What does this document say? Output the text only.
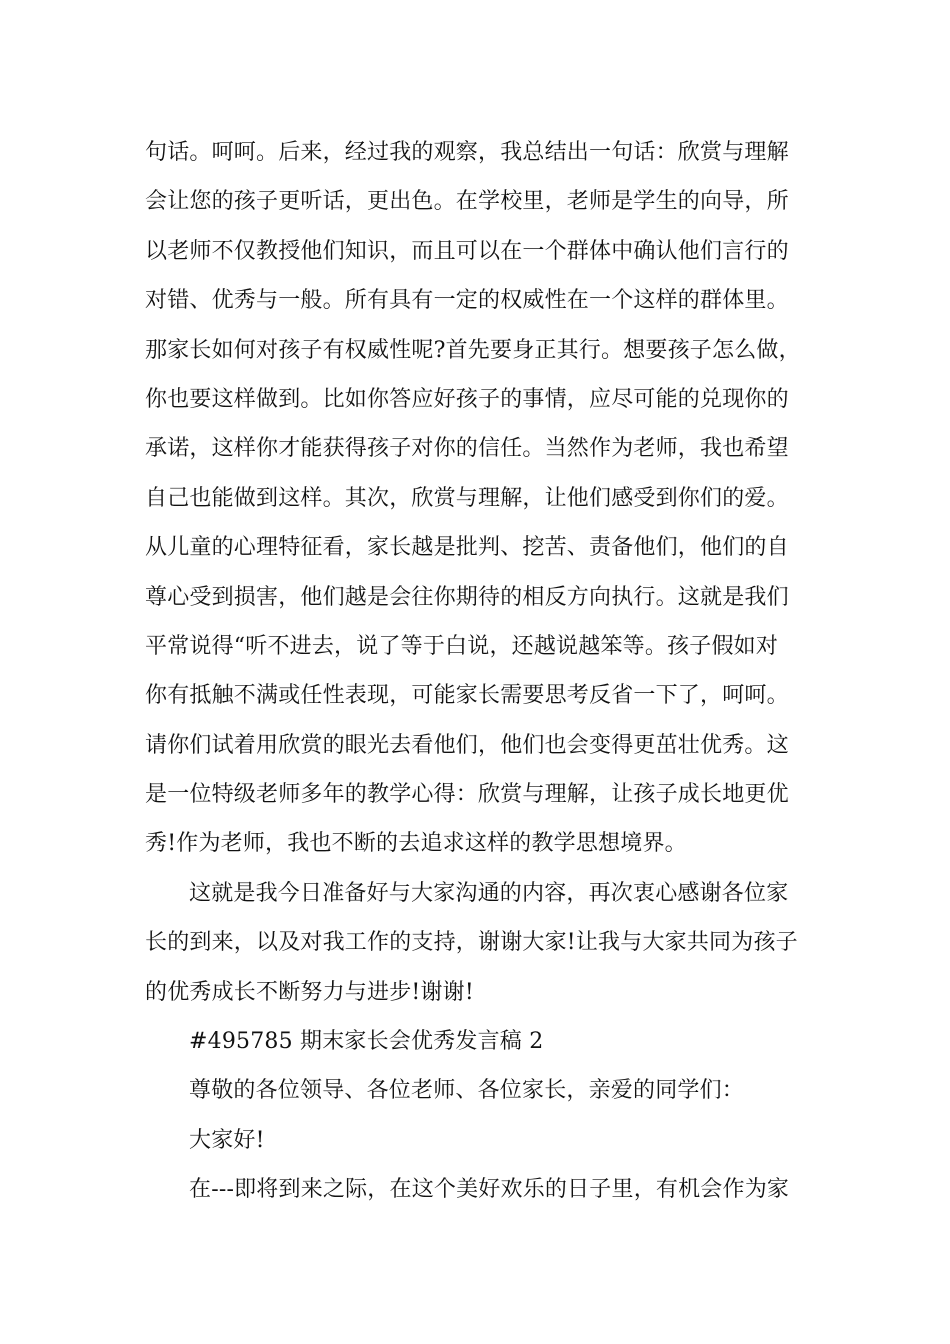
句话。呵呵。后来，经过我的观察，我总结出一句话：欣赏与理解
会让您的孩子更听话，更出色。在学校里，老师是学生的向导，所
以老师不仅教授他们知识，而且可以在一个群体中确认他们言行的
对错、优秀与一般。所有具有一定的权威性在一个这样的群体里。
那家长如何对孩子有权威性呢?首先要身正其行。想要孩子怎么做，
你也要这样做到。比如你答应好孩子的事情，应尽可能的兑现你的
承诺，这样你才能获得孩子对你的信任。当然作为老师，我也希望
自己也能做到这样。其次，欣赏与理解，让他们感受到你们的爱。
从儿童的心理特征看，家长越是批判、挖苦、责备他们，他们的自
尊心受到损害，他们越是会往你期待的相反方向执行。这就是我们
平常说得“听不进去，说了等于白说，还越说越笨等。孩子假如对
你有抵触不满或任性表现，可能家长需要思考反省一下了，呵呵。
请你们试着用欣赏的眼光去看他们，他们也会变得更茁壮优秀。这
是一位特级老师多年的教学心得：欣赏与理解，让孩子成长地更优
秀!作为老师，我也不断的去追求这样的教学思想境界。
这就是我今日准备好与大家沟通的内容，再次衷心感谢各位家
长的到来，以及对我工作的支持，谢谢大家!让我与大家共同为孩子
的优秀成长不断努力与进步!谢谢!
#495785 期末家长会优秀发言稿 2
尊敬的各位领导、各位老师、各位家长，亲爱的同学们：
大家好!
在---即将到来之际，在这个美好欢乐的日子里，有机会作为家
